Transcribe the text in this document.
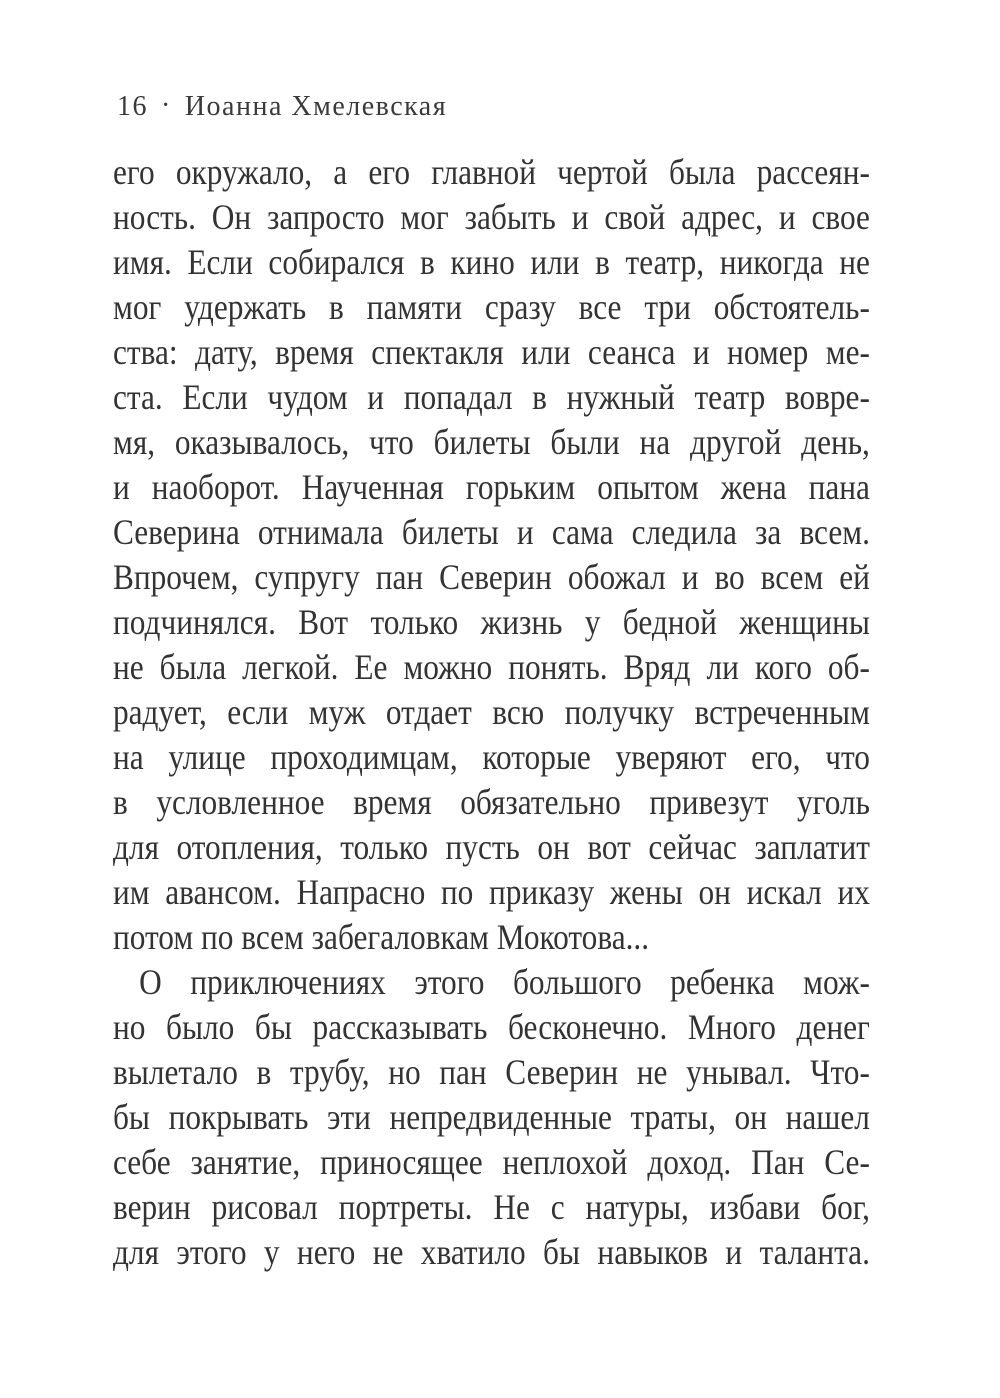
16 · Иоанна Хмелевская
его окружало, а его главной чертой была рассеян-
ность. Он запросто мог забыть и свой адрес, и свое
имя. Если собирался в кино или в театр, никогда не
мог удержать в памяти сразу все три обстоятель-
ства: дату, время спектакля или сеанса и номер ме-
ста. Если чудом и попадал в нужный театр вовре-
мя, оказывалось, что билеты были на другой день,
и наоборот. Наученная горьким опытом жена пана
Северина отнимала билеты и сама следила за всем.
Впрочем, супругу пан Северин обожал и во всем ей
подчинялся. Вот только жизнь у бедной женщины
не была легкой. Ее можно понять. Вряд ли кого об-
радует, если муж отдает всю получку встреченным
на улице проходимцам, которые уверяют его, что
в условленное время обязательно привезут уголь
для отопления, только пусть он вот сейчас заплатит
им авансом. Напрасно по приказу жены он искал их
потом по всем забегаловкам Мокотова...
О приключениях этого большого ребенка мож-
но было бы рассказывать бесконечно. Много денег
вылетало в трубу, но пан Северин не унывал. Что-
бы покрывать эти непредвиденные траты, он нашел
себе занятие, приносящее неплохой доход. Пан Се-
верин рисовал портреты. Не с натуры, избави бог,
для этого у него не хватило бы навыков и таланта.
